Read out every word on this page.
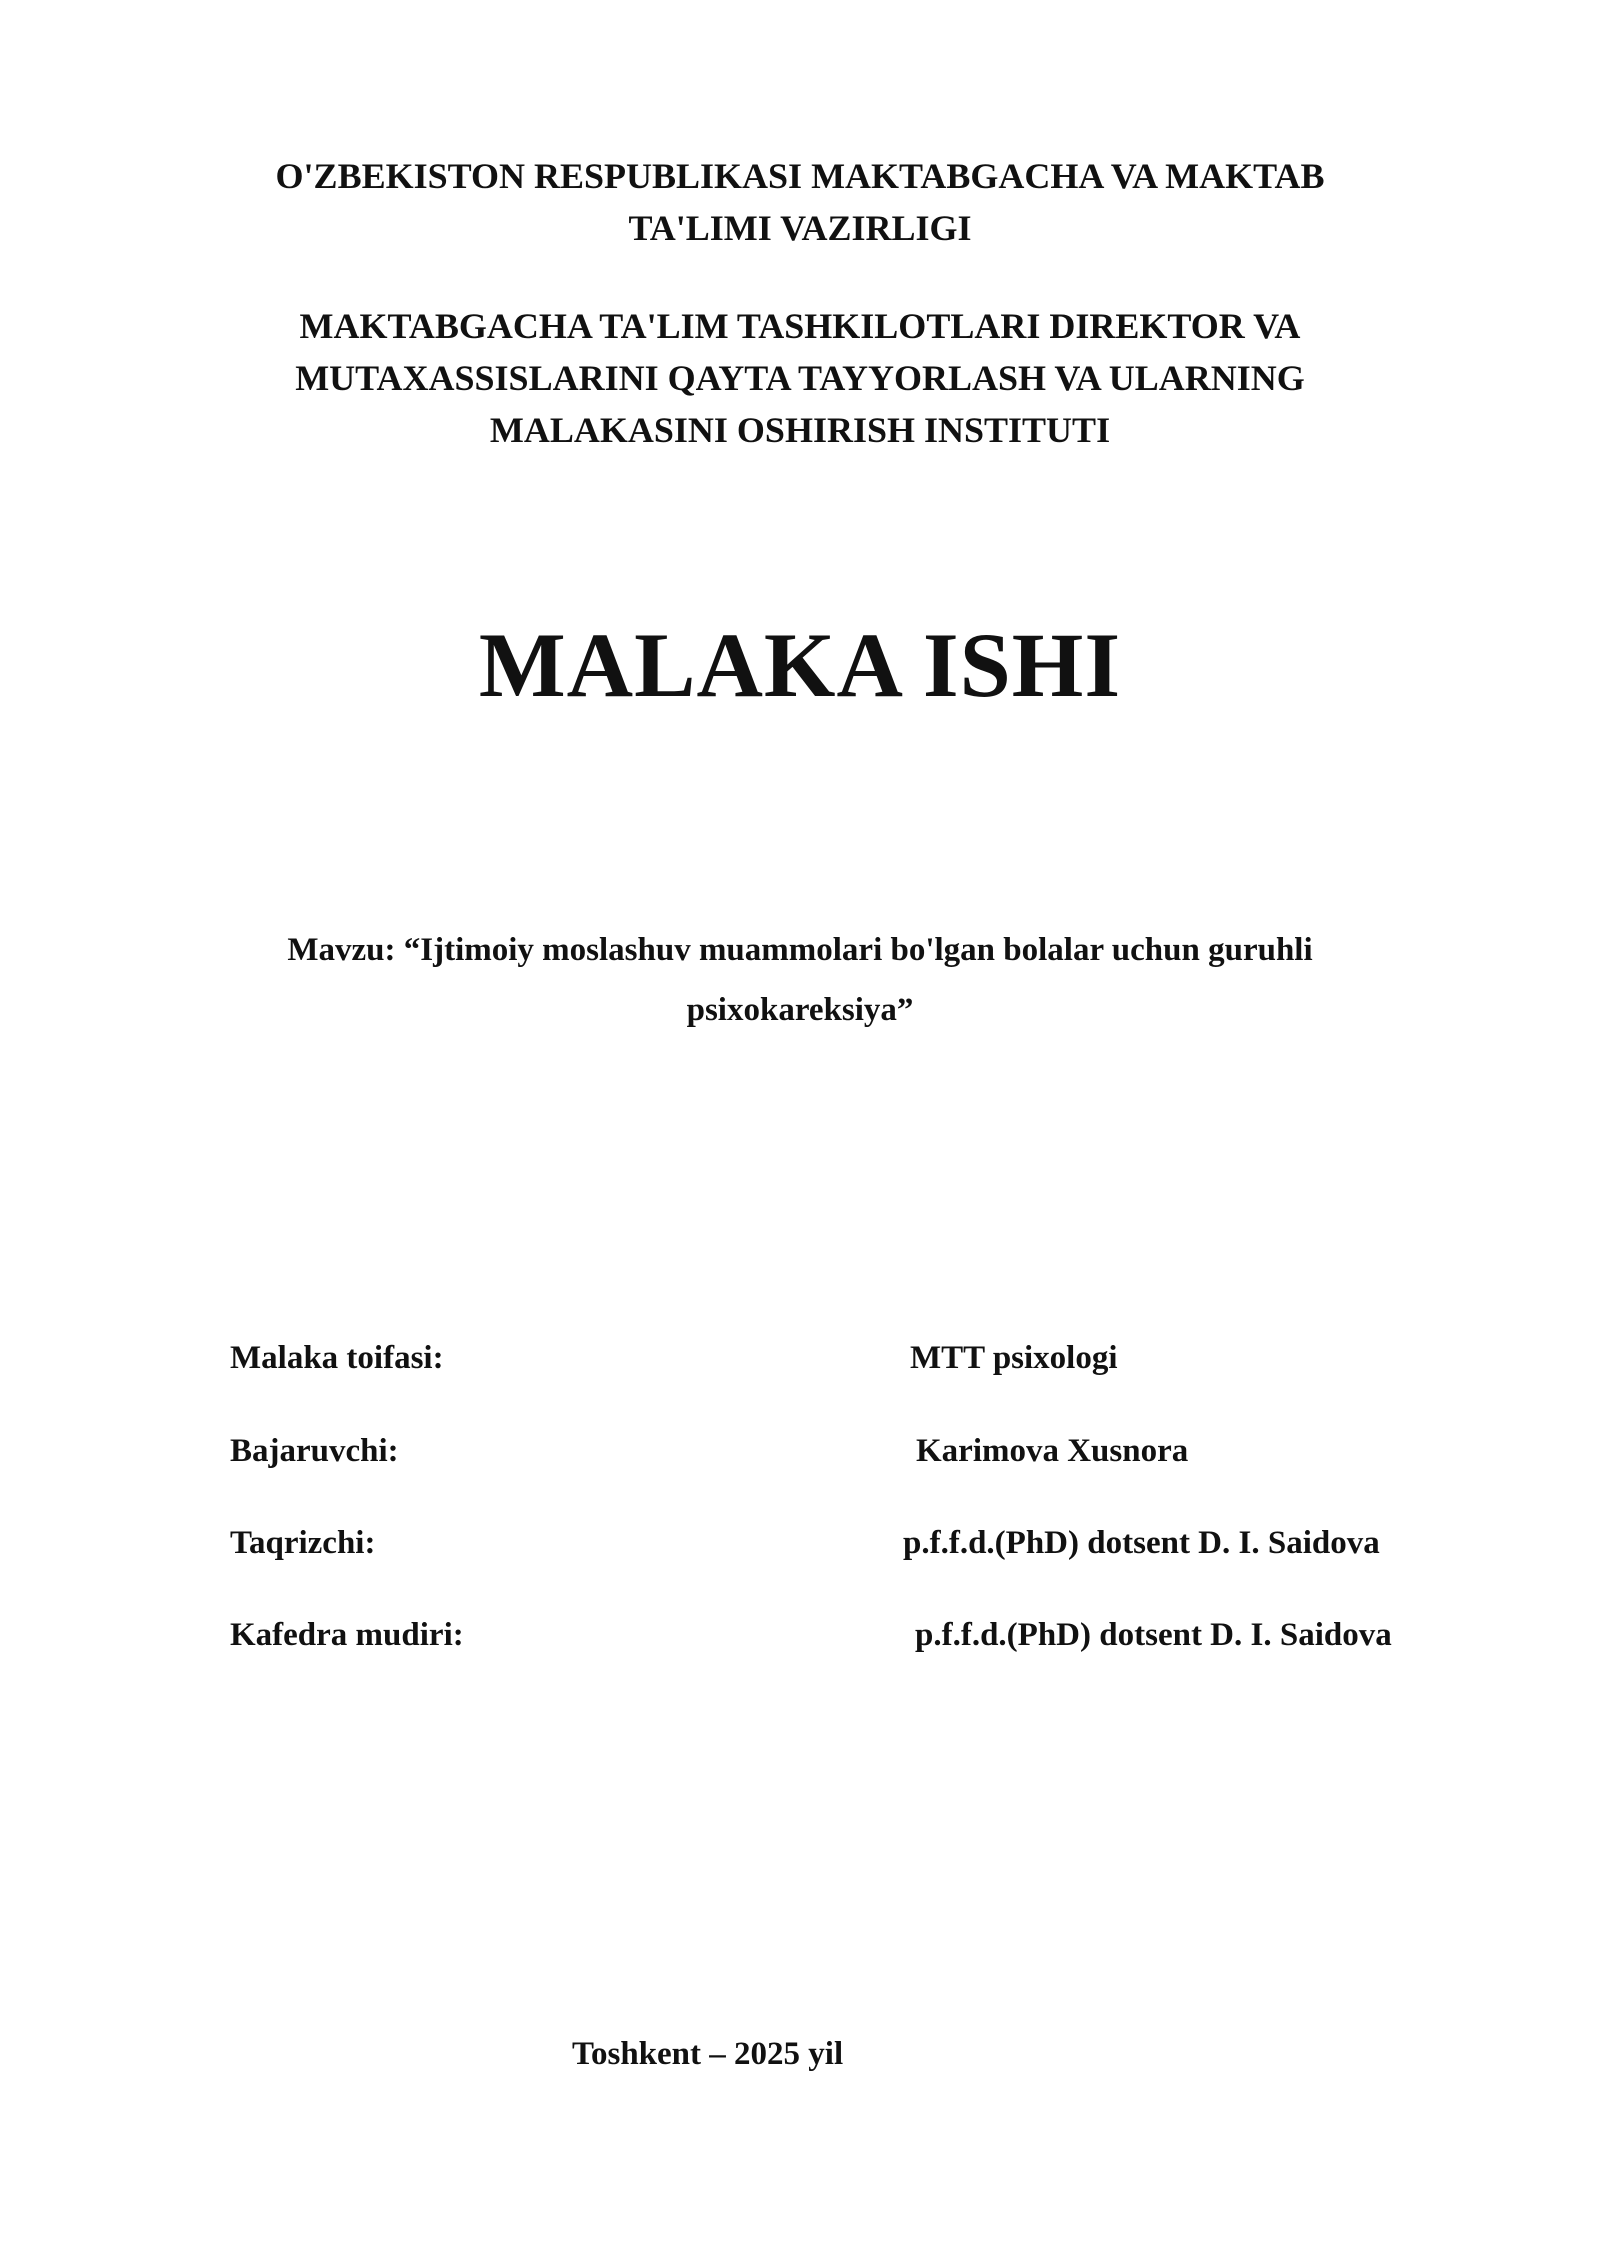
O'ZBEKISTON RESPUBLIKASI MAKTABGACHA VA MAKTAB
TA'LIMI VAZIRLIGI
MAKTABGACHA TA'LIM TASHKILOTLARI DIREKTOR VA
MUTAXASSISLARINI QAYTA TAYYORLASH VA ULARNING
MALAKASINI OSHIRISH INSTITUTI
MALAKA ISHI
Mavzu: “Ijtimoiy moslashuv muammolari bo'lgan bolalar uchun guruhli
psixokareksiya”
Malaka toifasi:	MTT psixologi
Bajaruvchi:	Karimova Xusnora
Taqrizchi:	p.f.f.d.(PhD) dotsent D. I. Saidova
Kafedra mudiri:	p.f.f.d.(PhD) dotsent D. I. Saidova
Toshkent – 2025 yil
